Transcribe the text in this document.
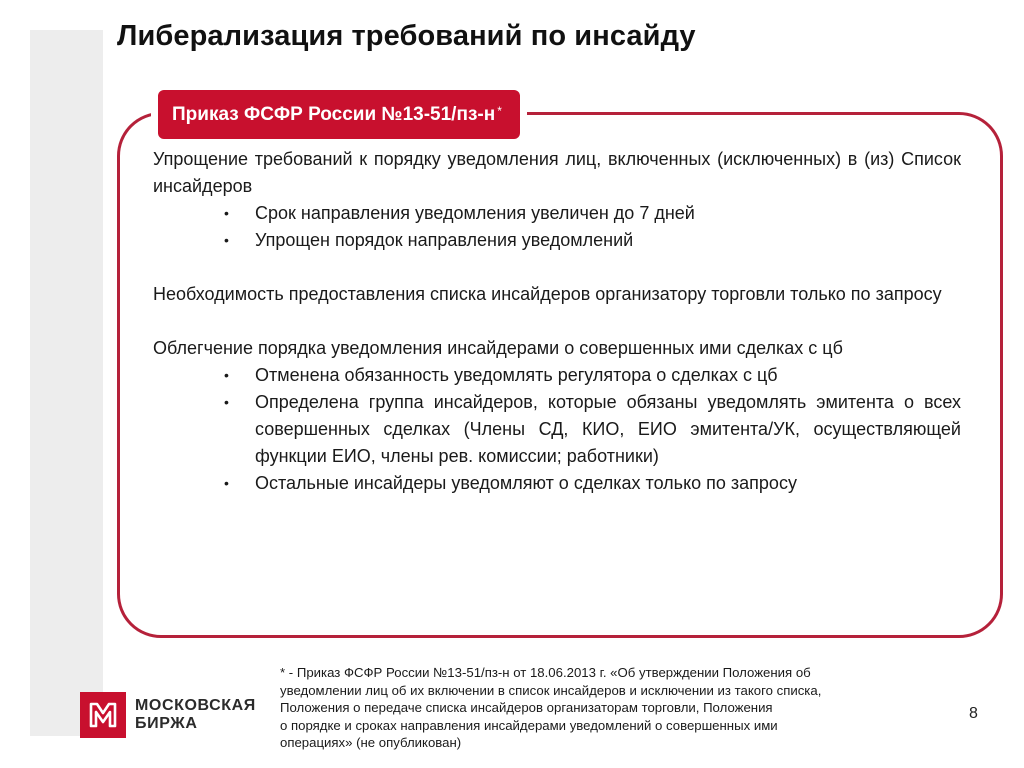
Либерализация требований по инсайду
Приказ ФСФР России №13-51/пз-н*

Упрощение требований к порядку уведомления лиц, включенных (исключенных) в (из) Список инсайдеров

• Срок направления уведомления увеличен до 7 дней
• Упрощен порядок направления уведомлений

Необходимость предоставления списка инсайдеров организатору торговли только по запросу

Облегчение порядка уведомления инсайдерами о совершенных ими сделках с цб

• Отменена обязанность уведомлять регулятора о сделках с цб
• Определена группа инсайдеров, которые обязаны уведомлять эмитента о всех совершенных сделках (Члены СД, КИО, ЕИО эмитента/УК, осуществляющей функции ЕИО, члены рев. комиссии; работники)
• Остальные инсайдеры уведомляют о сделках только по запросу
МОСКОВСКАЯ
БИРЖА
* - Приказ ФСФР России №13-51/пз-н от 18.06.2013 г. «Об утверждении Положения об
уведомлении лиц об их включении в список инсайдеров и исключении из такого списка,
Положения о передаче списка инсайдеров организаторам торговли, Положения
о порядке и сроках направления инсайдерами уведомлений о совершенных ими
операциях» (не опубликован)
8
